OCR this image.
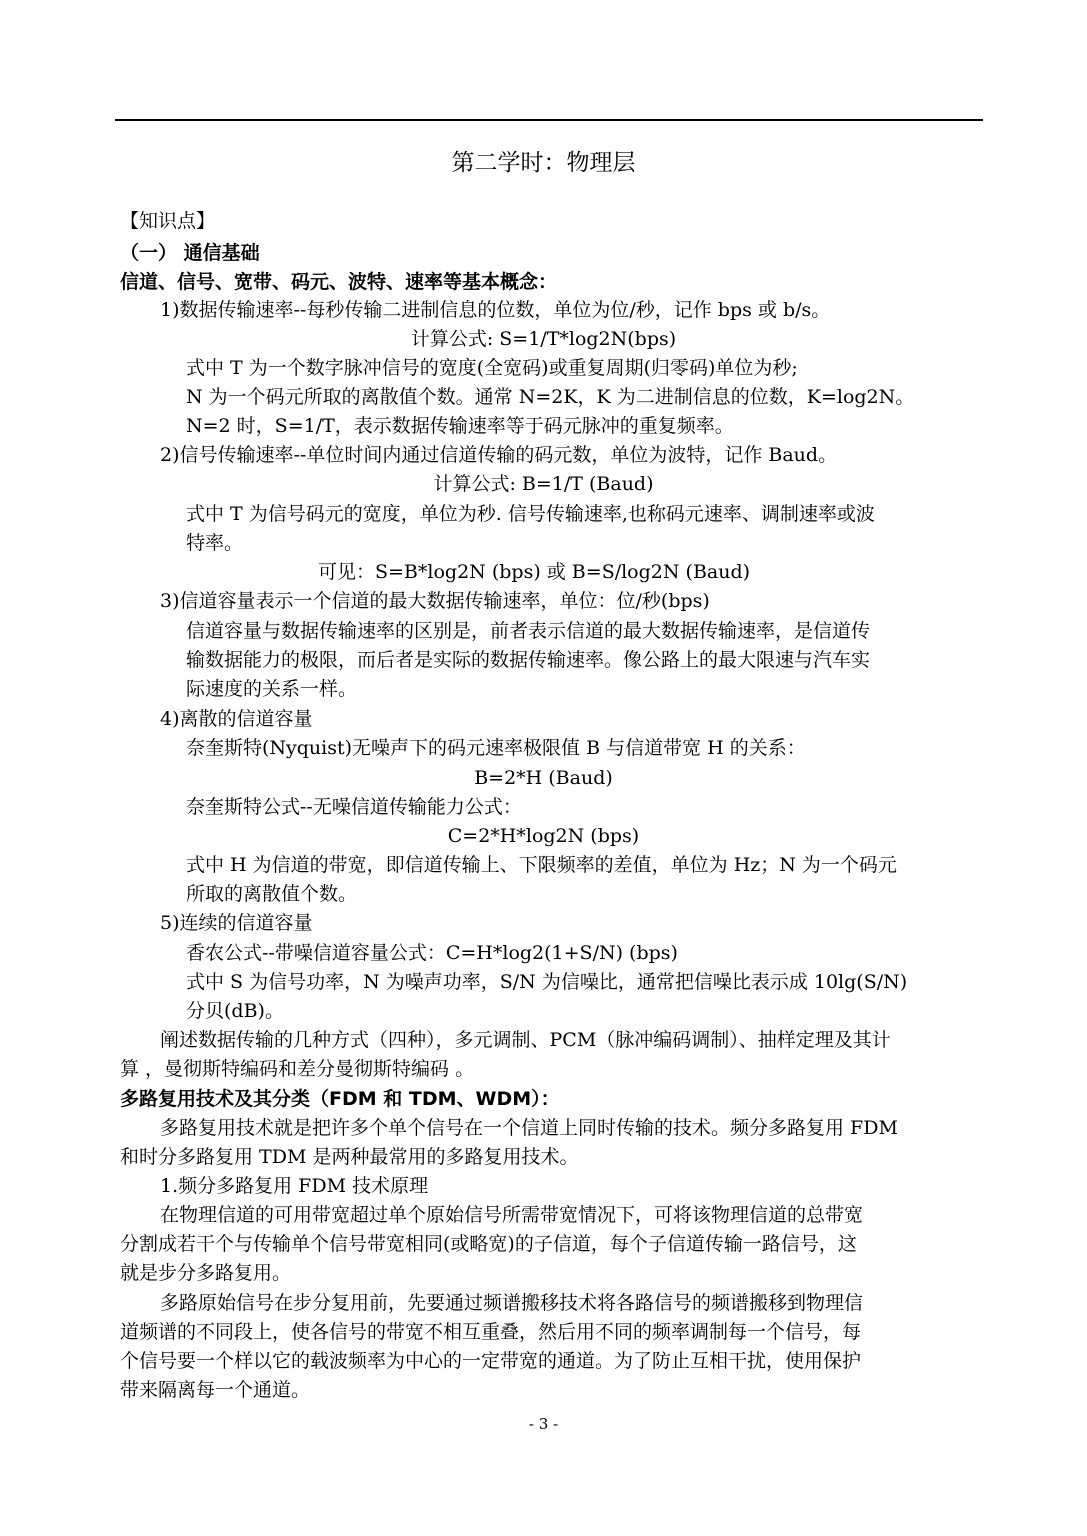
第二学时：物理层
【知识点】
（一） 通信基础
信道、信号、宽带、码元、波特、速率等基本概念：
1)数据传输速率--每秒传输二进制信息的位数，单位为位/秒，记作 bps 或 b/s。
计算公式: S=1/T*log2N(bps)
式中 T 为一个数字脉冲信号的宽度(全宽码)或重复周期(归零码)单位为秒;
N 为一个码元所取的离散值个数。通常 N=2K，K 为二进制信息的位数，K=log2N。
N=2 时，S=1/T，表示数据传输速率等于码元脉冲的重复频率。
2)信号传输速率--单位时间内通过信道传输的码元数，单位为波特，记作 Baud。
计算公式: B=1/T (Baud)
式中 T 为信号码元的宽度，单位为秒. 信号传输速率,也称码元速率、调制速率或波
特率。
可见：S=B*log2N (bps) 或 B=S/log2N (Baud)
3)信道容量表示一个信道的最大数据传输速率，单位：位/秒(bps)
信道容量与数据传输速率的区别是，前者表示信道的最大数据传输速率，是信道传
输数据能力的极限，而后者是实际的数据传输速率。像公路上的最大限速与汽车实
际速度的关系一样。
4)离散的信道容量
奈奎斯特(Nyquist)无噪声下的码元速率极限值 B 与信道带宽 H 的关系：
B=2*H (Baud)
奈奎斯特公式--无噪信道传输能力公式：
C=2*H*log2N (bps)
式中 H 为信道的带宽，即信道传输上、下限频率的差值，单位为 Hz；N 为一个码元
所取的离散值个数。
5)连续的信道容量
香农公式--带噪信道容量公式：C=H*log2(1+S/N) (bps)
式中 S 为信号功率，N 为噪声功率，S/N 为信噪比，通常把信噪比表示成 10lg(S/N)
分贝(dB)。
阐述数据传输的几种方式（四种），多元调制、PCM（脉冲编码调制）、抽样定理及其计
算 ，曼彻斯特编码和差分曼彻斯特编码 。
多路复用技术及其分类（FDM 和 TDM、WDM）：
多路复用技术就是把许多个单个信号在一个信道上同时传输的技术。频分多路复用 FDM
和时分多路复用 TDM 是两种最常用的多路复用技术。
1.频分多路复用 FDM 技术原理
在物理信道的可用带宽超过单个原始信号所需带宽情况下，可将该物理信道的总带宽
分割成若干个与传输单个信号带宽相同(或略宽)的子信道，每个子信道传输一路信号，这
就是步分多路复用。
多路原始信号在步分复用前，先要通过频谱搬移技术将各路信号的频谱搬移到物理信
道频谱的不同段上，使各信号的带宽不相互重叠，然后用不同的频率调制每一个信号，每
个信号要一个样以它的载波频率为中心的一定带宽的通道。为了防止互相干扰，使用保护
带来隔离每一个通道。
- 3 -
